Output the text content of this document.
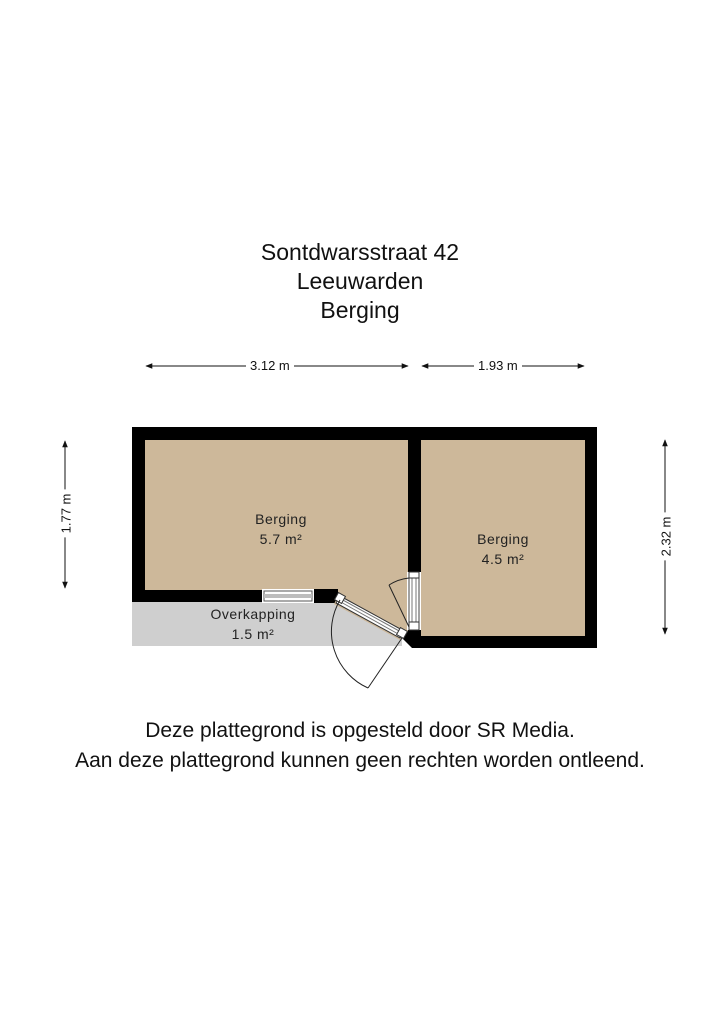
Sontdwarsstraat 42
Leeuwarden
Berging
3.12 m	1.93 m
1.77 m
2.32 m
Berging
5.7 m²	Berging
4.5 m²
Overkapping
1.5 m²
Deze plattegrond is opgesteld door SR Media.
Aan deze plattegrond kunnen geen rechten worden ontleend.
